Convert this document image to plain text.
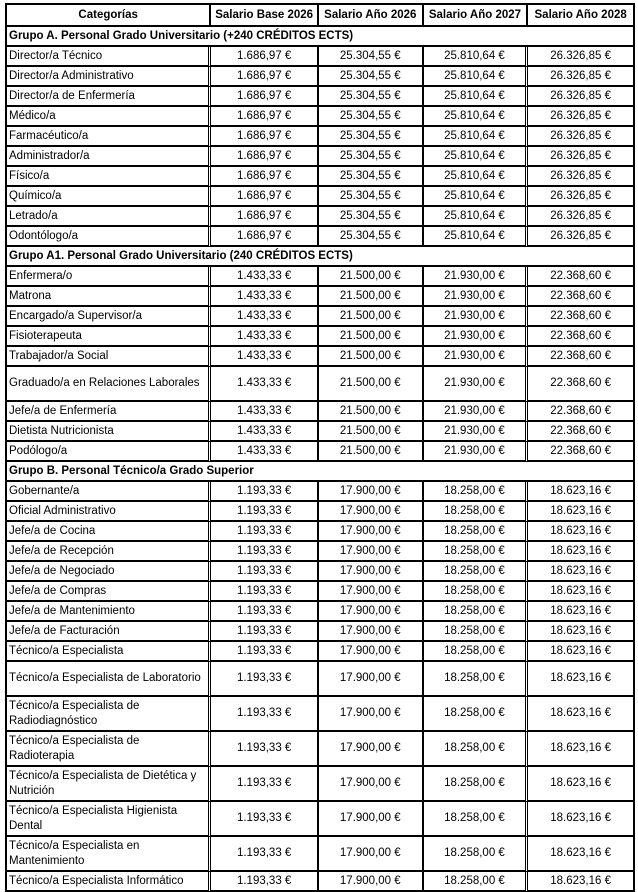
Categorías	Salario Base 2026	Salario Año 2026	Salario Año 2027	Salario Año 2028
Grupo A. Personal Grado Universitario (+240 CRÉDITOS ECTS)				
Director/a Técnico	1.686,97 €	25.304,55 €	25.810,64 €	26.326,85 €
Director/a Administrativo	1.686,97 €	25.304,55 €	25.810,64 €	26.326,85 €
Director/a de Enfermería	1.686,97 €	25.304,55 €	25.810,64 €	26.326,85 €
Médico/a	1.686,97 €	25.304,55 €	25.810,64 €	26.326,85 €
Farmacéutico/a	1.686,97 €	25.304,55 €	25.810,64 €	26.326,85 €
Administrador/a	1.686,97 €	25.304,55 €	25.810,64 €	26.326,85 €
Físico/a	1.686,97 €	25.304,55 €	25.810,64 €	26.326,85 €
Químico/a	1.686,97 €	25.304,55 €	25.810,64 €	26.326,85 €
Letrado/a	1.686,97 €	25.304,55 €	25.810,64 €	26.326,85 €
Odontólogo/a	1.686,97 €	25.304,55 €	25.810,64 €	26.326,85 €
Grupo A1. Personal Grado Universitario (240 CRÉDITOS ECTS)				
Enfermera/o	1.433,33 €	21.500,00 €	21.930,00 €	22.368,60 €
Matrona	1.433,33 €	21.500,00 €	21.930,00 €	22.368,60 €
Encargado/a Supervisor/a	1.433,33 €	21.500,00 €	21.930,00 €	22.368,60 €
Fisioterapeuta	1.433,33 €	21.500,00 €	21.930,00 €	22.368,60 €
Trabajador/a Social	1.433,33 €	21.500,00 €	21.930,00 €	22.368,60 €
Graduado/a en Relaciones Laborales	1.433,33 €	21.500,00 €	21.930,00 €	22.368,60 €
Jefe/a de Enfermería	1.433,33 €	21.500,00 €	21.930,00 €	22.368,60 €
Dietista Nutricionista	1.433,33 €	21.500,00 €	21.930,00 €	22.368,60 €
Podólogo/a	1.433,33 €	21.500,00 €	21.930,00 €	22.368,60 €
Grupo B. Personal Técnico/a Grado Superior				
Gobernante/a	1.193,33 €	17.900,00 €	18.258,00 €	18.623,16 €
Oficial Administrativo	1.193,33 €	17.900,00 €	18.258,00 €	18.623,16 €
Jefe/a de Cocina	1.193,33 €	17.900,00 €	18.258,00 €	18.623,16 €
Jefe/a de Recepción	1.193,33 €	17.900,00 €	18.258,00 €	18.623,16 €
Jefe/a de Negociado	1.193,33 €	17.900,00 €	18.258,00 €	18.623,16 €
Jefe/a de Compras	1.193,33 €	17.900,00 €	18.258,00 €	18.623,16 €
Jefe/a de Mantenimiento	1.193,33 €	17.900,00 €	18.258,00 €	18.623,16 €
Jefe/a de Facturación	1.193,33 €	17.900,00 €	18.258,00 €	18.623,16 €
Técnico/a Especialista	1.193,33 €	17.900,00 €	18.258,00 €	18.623,16 €
Técnico/a Especialista de Laboratorio	1.193,33 €	17.900,00 €	18.258,00 €	18.623,16 €
Técnico/a Especialista de Radiodiagnóstico	1.193,33 €	17.900,00 €	18.258,00 €	18.623,16 €
Técnico/a Especialista de Radioterapia	1.193,33 €	17.900,00 €	18.258,00 €	18.623,16 €
Técnico/a Especialista de Dietética y Nutrición	1.193,33 €	17.900,00 €	18.258,00 €	18.623,16 €
Técnico/a Especialista Higienista Dental	1.193,33 €	17.900,00 €	18.258,00 €	18.623,16 €
Técnico/a Especialista en Mantenimiento	1.193,33 €	17.900,00 €	18.258,00 €	18.623,16 €
Técnico/a Especialista Informático	1.193,33 €	17.900,00 €	18.258,00 €	18.623,16 €
